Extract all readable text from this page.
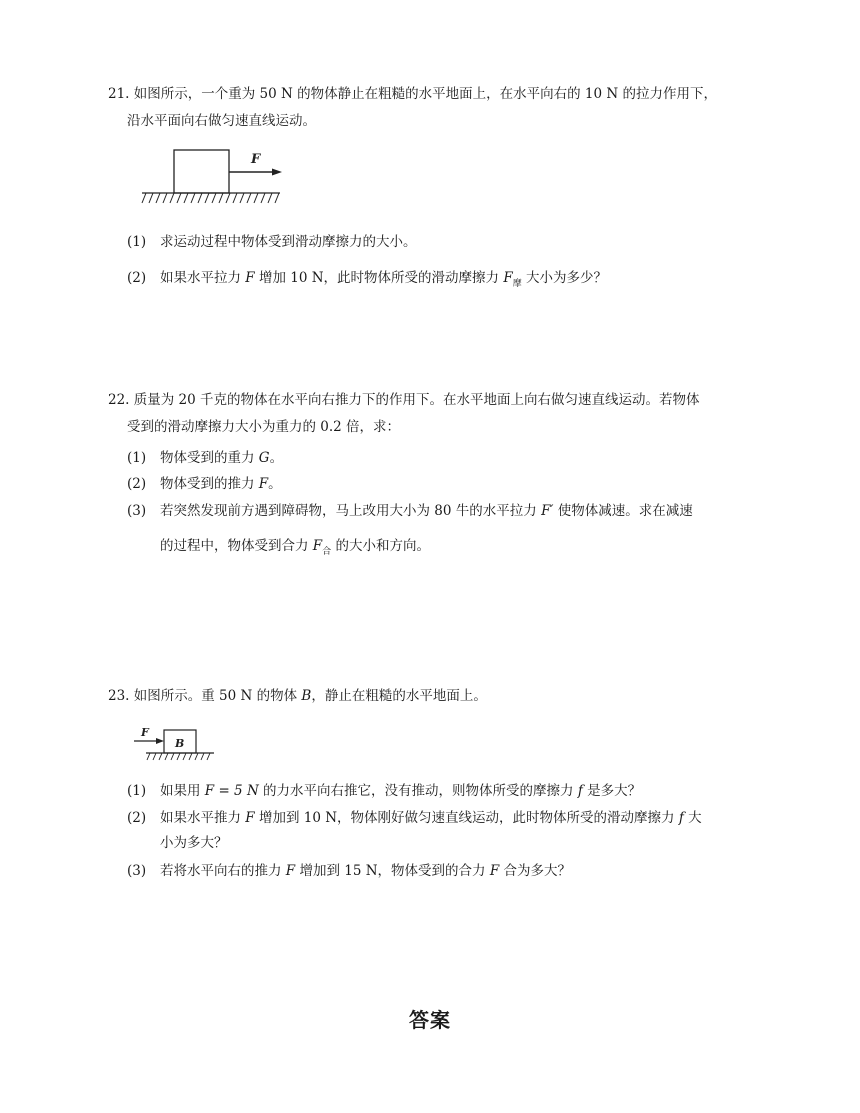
21. 如图所示，一个重为 50 N 的物体静止在粗糙的水平地面上，在水平向右的 10 N 的拉力作用下，
沿水平面向右做匀速直线运动。
F
(1) 求运动过程中物体受到滑动摩擦力的大小。
(2) 如果水平拉力 F 增加 10 N，此时物体所受的滑动摩擦力 $F_摩$ 大小为多少？
22. 质量为 20 千克的物体在水平向右推力下的作用下。在水平地面上向右做匀速直线运动。若物体
受到的滑动摩擦力大小为重力的 0.2 倍，求：
(1) 物体受到的重力 G。
(2) 物体受到的推力 F。
(3) 若突然发现前方遇到障碍物，马上改用大小为 80 牛的水平拉力 F′ 使物体减速。求在减速
的过程中，物体受到合力 $F_合$ 的大小和方向。
23. 如图所示。重 50 N 的物体 B，静止在粗糙的水平地面上。
B
F
(1) 如果用 F = 5 N 的力水平向右推它，没有推动，则物体所受的摩擦力 f 是多大？
(2) 如果水平推力 F 增加到 10 N，物体刚好做匀速直线运动，此时物体所受的滑动摩擦力 f 大
小为多大？
(3) 若将水平向右的推力 F 增加到 15 N，物体受到的合力 F 合为多大？
答案
